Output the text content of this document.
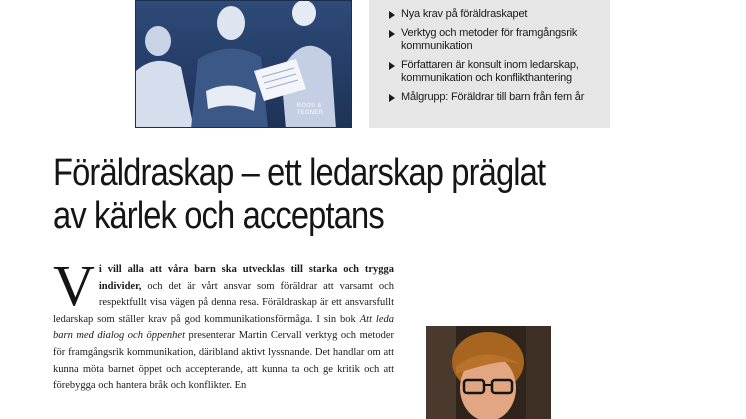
ROOS &
TEGNER
Nya krav på föräldraskapet
Verktyg och metoder för framgångsrik kommunikation
Författaren är konsult inom ledarskap, kommunikation och konflikthantering
Målgrupp: Föräldrar till barn från fem år
Föräldraskap – ett ledarskap präglat av kärlek och acceptans
Vi vill alla att våra barn ska utvecklas till starka och trygga individer, och det är vårt ansvar som föräldrar att varsamt och respektfullt visa vägen på denna resa. Föräldraskap är ett ansvarsfullt ledarskap som ställer krav på god kommunikationsförmåga. I sin bok Att leda barn med dialog och öppenhet presenterar Martin Cervall verktyg och metoder för framgångsrik kommunikation, däribland aktivt lyssnande. Det handlar om att kunna möta barnet öppet och accepterande, att kunna ta och ge kritik och att förebygga och hantera bråk och konflikter. En
